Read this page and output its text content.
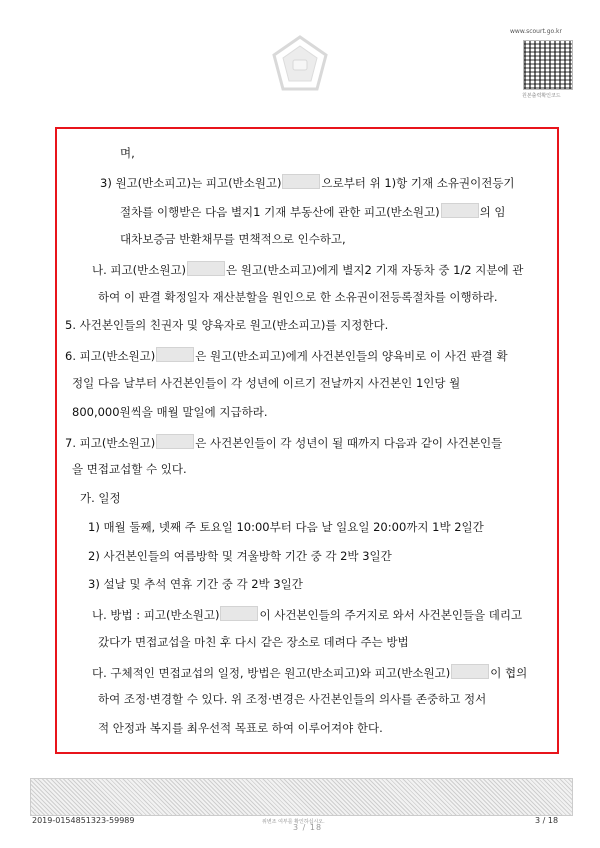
www.scourt.go.kr
원본출력확인코드
며,
3) 원고(반소피고)는 피고(반소원고)	으로부터 위 1)항 기재 소유권이전등기
절차를 이행받은 다음 별지1 기재 부동산에 관한 피고(반소원고)	의 임
대차보증금 반환채무를 면책적으로 인수하고,
나. 피고(반소원고)	은 원고(반소피고)에게 별지2 기재 자동차 중 1/2 지분에 관
하여 이 판결 확정일자 재산분할을 원인으로 한 소유권이전등록절차를 이행하라.
5. 사건본인들의 친권자 및 양육자로 원고(반소피고)를 지정한다.
6. 피고(반소원고)	은 원고(반소피고)에게 사건본인들의 양육비로 이 사건 판결 확
정일 다음 날부터 사건본인들이 각 성년에 이르기 전날까지 사건본인 1인당 월
800,000원씩을 매월 말일에 지급하라.
7. 피고(반소원고)	은 사건본인들이 각 성년이 될 때까지 다음과 같이 사건본인들
을 면접교섭할 수 있다.
가. 일정
1) 매월 둘째, 넷째 주 토요일 10:00부터 다음 날 일요일 20:00까지 1박 2일간
2) 사건본인들의 여름방학 및 겨울방학 기간 중 각 2박 3일간
3) 설날 및 추석 연휴 기간 중 각 2박 3일간
나. 방법 : 피고(반소원고)	이 사건본인들의 주거지로 와서 사건본인들을 데리고
갔다가 면접교섭을 마친 후 다시 같은 장소로 데려다 주는 방법
다. 구체적인 면접교섭의 일정, 방법은 원고(반소피고)와 피고(반소원고)	이 협의
하여 조정·변경할 수 있다. 위 조정·변경은 사건본인들의 의사를 존중하고 정서
적 안정과 복지를 최우선적 목표로 하여 이루어져야 한다.
2019-0154851323-59989	위변조 여부를 확인하십시오.
3 / 18
3 / 18
